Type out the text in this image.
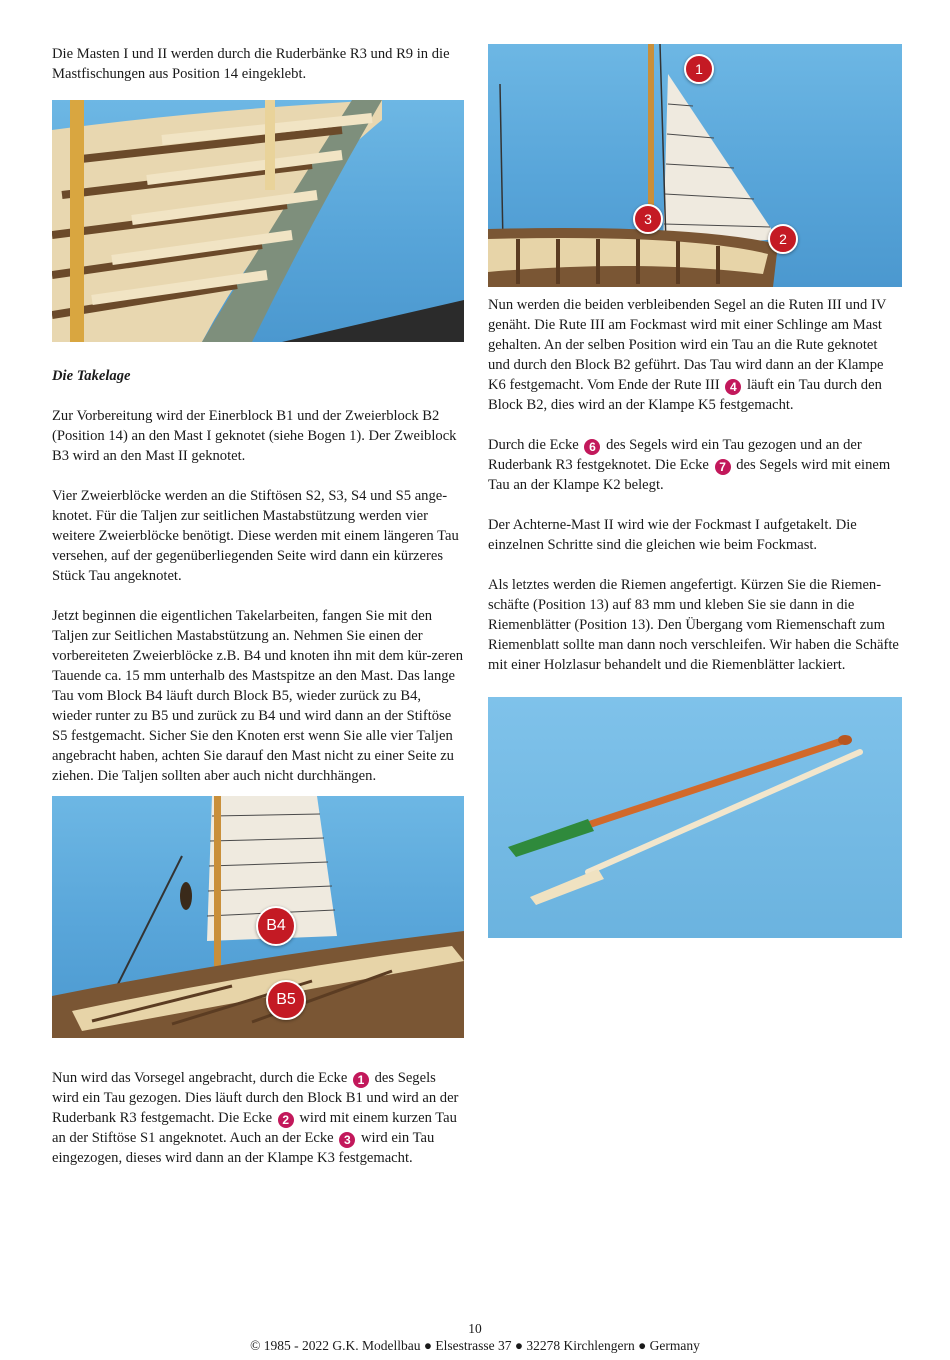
Die Masten I und II werden durch die Ruderbänke R3 und R9 in die Mastfischungen aus Position 14 eingeklebt.

Die Takelage

Zur Vorbereitung wird der Einerblock B1 und der Zweierblock B2 (Position 14) an den Mast I geknotet (siehe Bogen 1). Der Zweiblock B3 wird an den Mast II geknotet.

Vier Zweierblöcke werden an die Stiftösen S2, S3, S4 und S5 ange-knotet. Für die Taljen zur seitlichen Mastabstützung werden vier weitere Zweierblöcke benötigt. Diese werden mit einem längeren Tau versehen, auf der gegenüberliegenden Seite wird dann ein kürzeres Stück Tau angeknotet.

Jetzt beginnen die eigentlichen Takelarbeiten, fangen Sie mit den Taljen zur Seitlichen Mastabstützung an. Nehmen Sie einen der vorbereiteten Zweierblöcke z.B. B4 und knoten ihn mit dem kür-zeren Tauende ca. 15 mm unterhalb des Mastspitze an den Mast. Das lange Tau vom Block B4 läuft durch Block B5, wieder zurück zu B4, wieder runter zu B5 und zurück zu B4 und wird dann an der Stiftöse S5 festgemacht. Sicher Sie den Knoten erst wenn Sie alle vier Taljen angebracht haben, achten Sie darauf den Mast nicht zu einer Seite zu ziehen. Die Taljen sollten aber auch nicht durchhängen.

B4
B5

Nun wird das Vorsegel angebracht, durch die Ecke 1 des Segels wird ein Tau gezogen. Dies läuft durch den Block B1 und wird an der Ruderbank R3 festgemacht. Die Ecke 2 wird mit einem kurzen Tau an der Stiftöse S1 angeknotet. Auch an der Ecke 3 wird ein Tau eingezogen, dieses wird dann an der Klampe K3 festgemacht.

1
2
3

Nun werden die beiden verbleibenden Segel an die Ruten III und IV genäht. Die Rute III am Fockmast wird mit einer Schlinge am Mast gehalten. An der selben Position wird ein Tau an die Rute geknotet und durch den Block B2 geführt. Das Tau wird dann an der Klampe K6 festgemacht. Vom Ende der Rute III 4 läuft ein Tau durch den Block B2, dies wird an der Klampe K5 festgemacht.

Durch die Ecke 6 des Segels wird ein Tau gezogen und an der Ruderbank R3 festgeknotet. Die Ecke 7 des Segels wird mit einem Tau an der Klampe K2 belegt.

Der Achterne-Mast II wird wie der Fockmast I aufgetakelt. Die einzelnen Schritte sind die gleichen wie beim Fockmast.

Als letztes werden die Riemen angefertigt. Kürzen Sie die Riemen-schäfte (Position 13) auf 83 mm und kleben Sie sie dann in die Riemenblätter (Position 13). Den Übergang vom Riemenschaft zum Riemenblatt sollte man dann noch verschleifen. Wir haben die Schäfte mit einer Holzlasur behandelt und die Riemenblätter lackiert.

10
© 1985 - 2022 G.K. Modellbau ● Elsestrasse 37 ● 32278 Kirchlengern ● Germany
